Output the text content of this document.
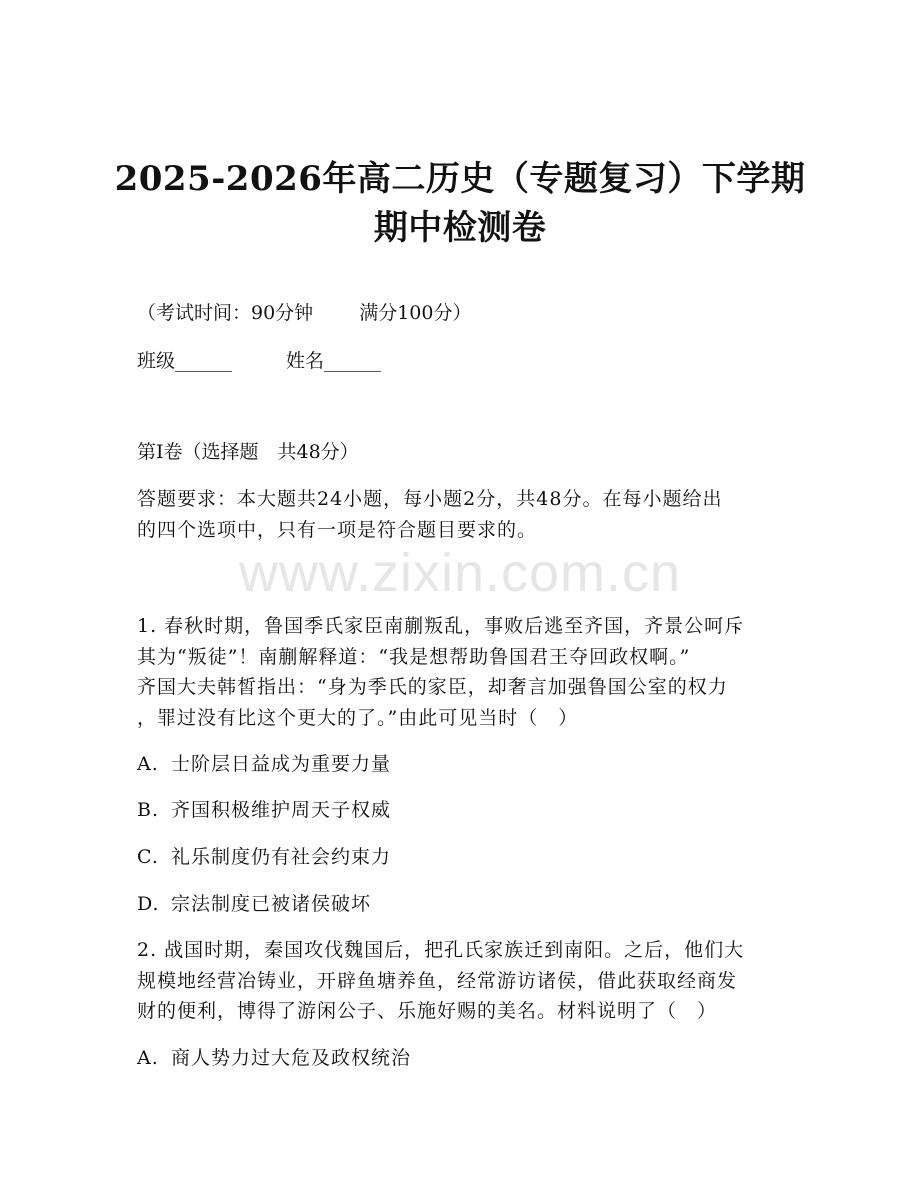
2025-2026年高二历史（专题复习）下学期
期中检测卷
（考试时间：90分钟 满分100分）
班级______	姓名______
第I卷（选择题　共48分）
答题要求：本大题共24小题，每小题2分，共48分。在每小题给出
的四个选项中，只有一项是符合题目要求的。
www.zixin.com.cn
1. 春秋时期，鲁国季氏家臣南蒯叛乱，事败后逃至齐国，齐景公呵斥
其为“叛徒”！南蒯解释道：“我是想帮助鲁国君王夺回政权啊。”
齐国大夫韩皙指出：“身为季氏的家臣，却奢言加强鲁国公室的权力
，罪过没有比这个更大的了。”由此可见当时（　）
A. 士阶层日益成为重要力量
B. 齐国积极维护周天子权威
C. 礼乐制度仍有社会约束力
D. 宗法制度已被诸侯破坏
2. 战国时期，秦国攻伐魏国后，把孔氏家族迁到南阳。之后，他们大
规模地经营冶铸业，开辟鱼塘养鱼，经常游访诸侯，借此获取经商发
财的便利，博得了游闲公子、乐施好赐的美名。材料说明了（　）
A. 商人势力过大危及政权统治
